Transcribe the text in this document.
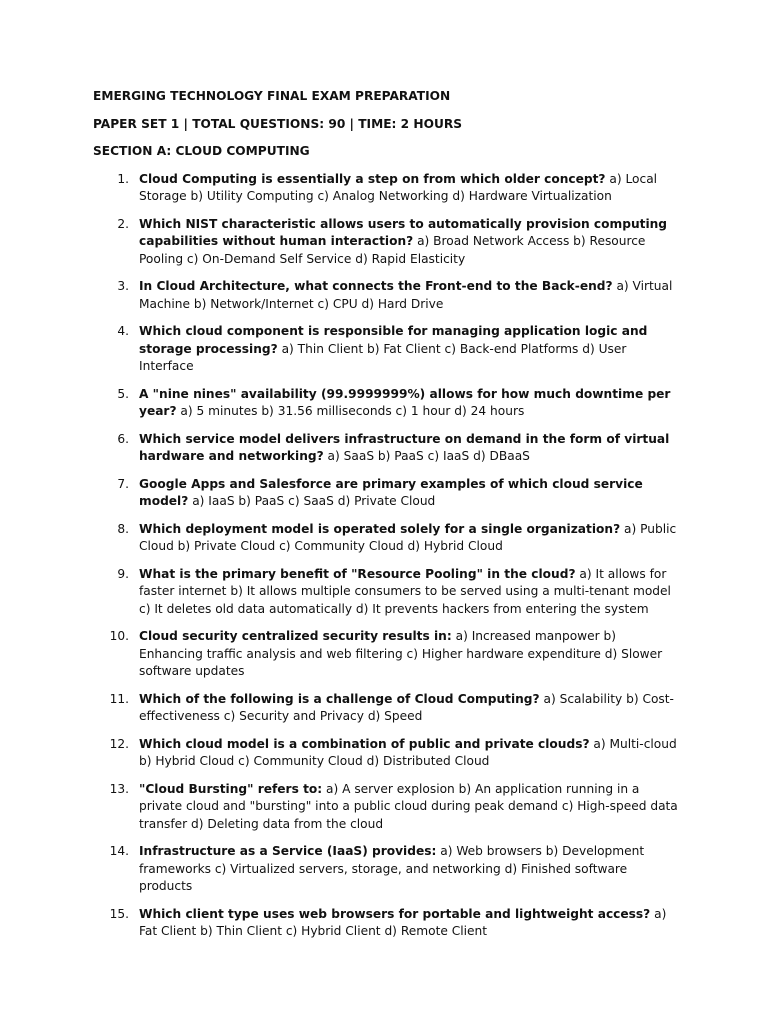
EMERGING TECHNOLOGY FINAL EXAM PREPARATION
PAPER SET 1 | TOTAL QUESTIONS: 90 | TIME: 2 HOURS
SECTION A: CLOUD COMPUTING
1. Cloud Computing is essentially a step on from which older concept? a) Local Storage b) Utility Computing c) Analog Networking d) Hardware Virtualization
2. Which NIST characteristic allows users to automatically provision computing capabilities without human interaction? a) Broad Network Access b) Resource Pooling c) On-Demand Self Service d) Rapid Elasticity
3. In Cloud Architecture, what connects the Front-end to the Back-end? a) Virtual Machine b) Network/Internet c) CPU d) Hard Drive
4. Which cloud component is responsible for managing application logic and storage processing? a) Thin Client b) Fat Client c) Back-end Platforms d) User Interface
5. A "nine nines" availability (99.9999999%) allows for how much downtime per year? a) 5 minutes b) 31.56 milliseconds c) 1 hour d) 24 hours
6. Which service model delivers infrastructure on demand in the form of virtual hardware and networking? a) SaaS b) PaaS c) IaaS d) DBaaS
7. Google Apps and Salesforce are primary examples of which cloud service model? a) IaaS b) PaaS c) SaaS d) Private Cloud
8. Which deployment model is operated solely for a single organization? a) Public Cloud b) Private Cloud c) Community Cloud d) Hybrid Cloud
9. What is the primary benefit of "Resource Pooling" in the cloud? a) It allows for faster internet b) It allows multiple consumers to be served using a multi-tenant model c) It deletes old data automatically d) It prevents hackers from entering the system
10. Cloud security centralized security results in: a) Increased manpower b) Enhancing traffic analysis and web filtering c) Higher hardware expenditure d) Slower software updates
11. Which of the following is a challenge of Cloud Computing? a) Scalability b) Cost-effectiveness c) Security and Privacy d) Speed
12. Which cloud model is a combination of public and private clouds? a) Multi-cloud b) Hybrid Cloud c) Community Cloud d) Distributed Cloud
13. "Cloud Bursting" refers to: a) A server explosion b) An application running in a private cloud and "bursting" into a public cloud during peak demand c) High-speed data transfer d) Deleting data from the cloud
14. Infrastructure as a Service (IaaS) provides: a) Web browsers b) Development frameworks c) Virtualized servers, storage, and networking d) Finished software products
15. Which client type uses web browsers for portable and lightweight access? a) Fat Client b) Thin Client c) Hybrid Client d) Remote Client
